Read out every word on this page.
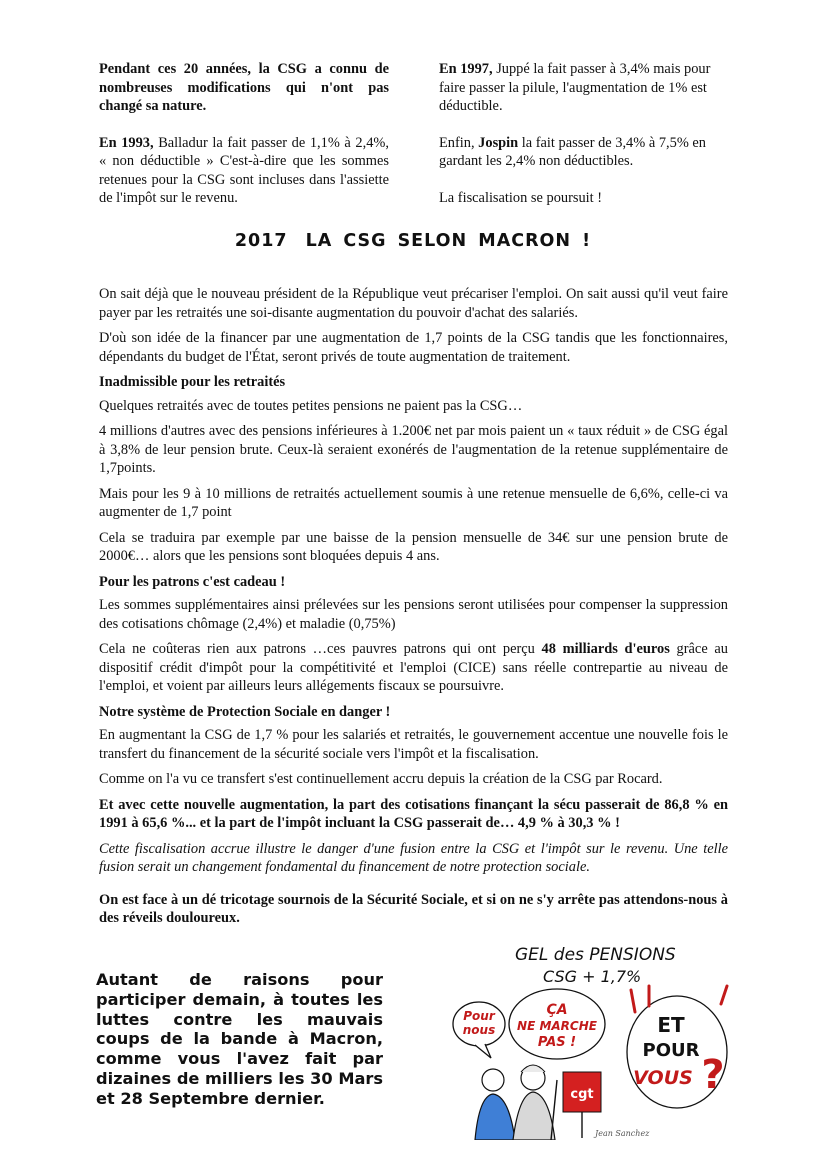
Pendant ces 20 années, la CSG a connu de nombreuses modifications qui n'ont pas changé sa nature.

En 1993, Balladur la fait passer de 1,1% à 2,4%, « non déductible » C'est-à-dire que les sommes retenues pour la CSG sont incluses dans l'assiette de l'impôt sur le revenu.

En 1997, Juppé la fait passer à 3,4% mais pour faire passer la pilule, l'augmentation de 1% est déductible.

Enfin, Jospin la fait passer de 3,4% à 7,5% en gardant les 2,4% non déductibles.

La fiscalisation se poursuit !

2017 LA CSG SELON MACRON !

On sait déjà que le nouveau président de la République veut précariser l'emploi. On sait aussi qu'il veut faire payer par les retraités une soi-disante augmentation du pouvoir d'achat des salariés.

D'où son idée de la financer par une augmentation de 1,7 points de la CSG tandis que les fonctionnaires, dépendants du budget de l'État, seront privés de toute augmentation de traitement.

Inadmissible pour les retraités

Quelques retraités avec de toutes petites pensions ne paient pas la CSG…

4 millions d'autres avec des pensions inférieures à 1.200€ net par mois paient un « taux réduit » de CSG égal à 3,8% de leur pension brute. Ceux-là seraient exonérés de l'augmentation de la retenue supplémentaire de 1,7points.

Mais pour les 9 à 10 millions de retraités actuellement soumis à une retenue mensuelle de 6,6%, celle-ci va augmenter de 1,7 point

Cela se traduira par exemple par une baisse de la pension mensuelle de 34€ sur une pension brute de 2000€… alors que les pensions sont bloquées depuis 4 ans.

Pour les patrons c'est cadeau !

Les sommes supplémentaires ainsi prélevées sur les pensions seront utilisées pour compenser la suppression des cotisations chômage (2,4%) et maladie (0,75%)

Cela ne coûteras rien aux patrons …ces pauvres patrons qui ont perçu 48 milliards d'euros grâce au dispositif crédit d'impôt pour la compétitivité et l'emploi (CICE) sans réelle contrepartie au niveau de l'emploi, et voient par ailleurs leurs allégements fiscaux se poursuivre.

Notre système de Protection Sociale en danger !

En augmentant la CSG de 1,7 % pour les salariés et retraités, le gouvernement accentue une nouvelle fois le transfert du financement de la sécurité sociale vers l'impôt et la fiscalisation.

Comme on l'a vu ce transfert s'est continuellement accru depuis la création de la CSG par Rocard.

Et avec cette nouvelle augmentation, la part des cotisations finançant la sécu passerait de 86,8 % en 1991 à 65,6 %... et la part de l'impôt incluant la CSG passerait de… 4,9 % à 30,3 % !

Cette fiscalisation accrue illustre le danger d'une fusion entre la CSG et l'impôt sur le revenu. Une telle fusion serait un changement fondamental du financement de notre protection sociale.

On est face à un dé tricotage sournois de la Sécurité Sociale, et si on ne s'y arrête pas attendons-nous à des réveils douloureux.

Autant de raisons pour participer demain, à toutes les luttes contre les mauvais coups de la bande à Macron, comme vous l'avez fait par dizaines de milliers les 30 Mars et 28 Septembre dernier.
GEL des PENSIONS
CSG + 1,7%
Pour
nous
ÇA
NE MARCHE
PAS !
ET
POUR
VOUS ?
cgt
Jean Sanchez
